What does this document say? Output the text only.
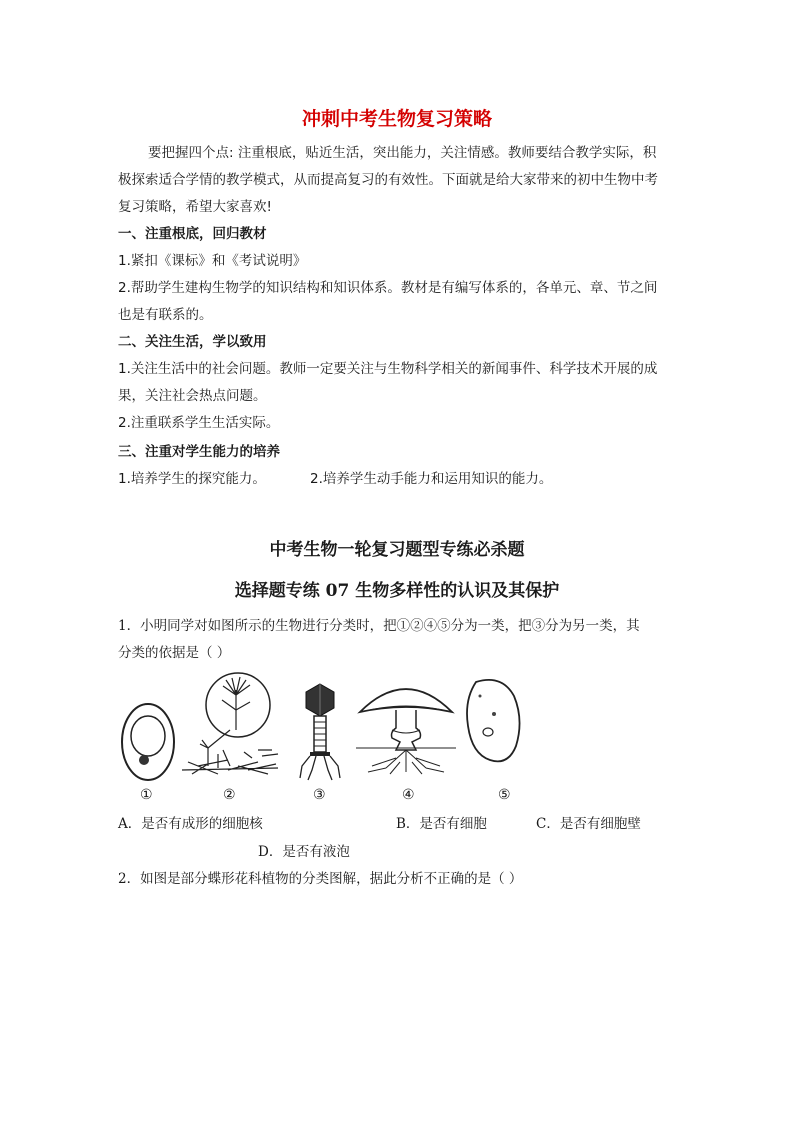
冲刺中考生物复习策略
要把握四个点: 注重根底，贴近生活，突出能力，关注情感。教师要结合教学实际，积
极探索适合学情的教学模式，从而提高复习的有效性。下面就是给大家带来的初中生物中考
复习策略，希望大家喜欢!
一、注重根底，回归教材
1.紧扣《课标》和《考试说明》
2.帮助学生建构生物学的知识结构和知识体系。教材是有编写体系的，各单元、章、节之间
也是有联系的。
二、关注生活，学以致用
1.关注生活中的社会问题。教师一定要关注与生物科学相关的新闻事件、科学技术开展的成
果，关注社会热点问题。
2.注重联系学生生活实际。
三、注重对学生能力的培养
1.培养学生的探究能力。	2.培养学生动手能力和运用知识的能力。
中考生物一轮复习题型专练必杀题
选择题专练 07 生物多样性的认识及其保护
1．小明同学对如图所示的生物进行分类时，把①②④⑤分为一类，把③分为另一类，其
分类的依据是（ ）
①	②	③	④	⑤
A．是否有成形的细胞核	B．是否有细胞	C．是否有细胞壁
D．是否有液泡
2．如图是部分蝶形花科植物的分类图解，据此分析不正确的是（ ）
